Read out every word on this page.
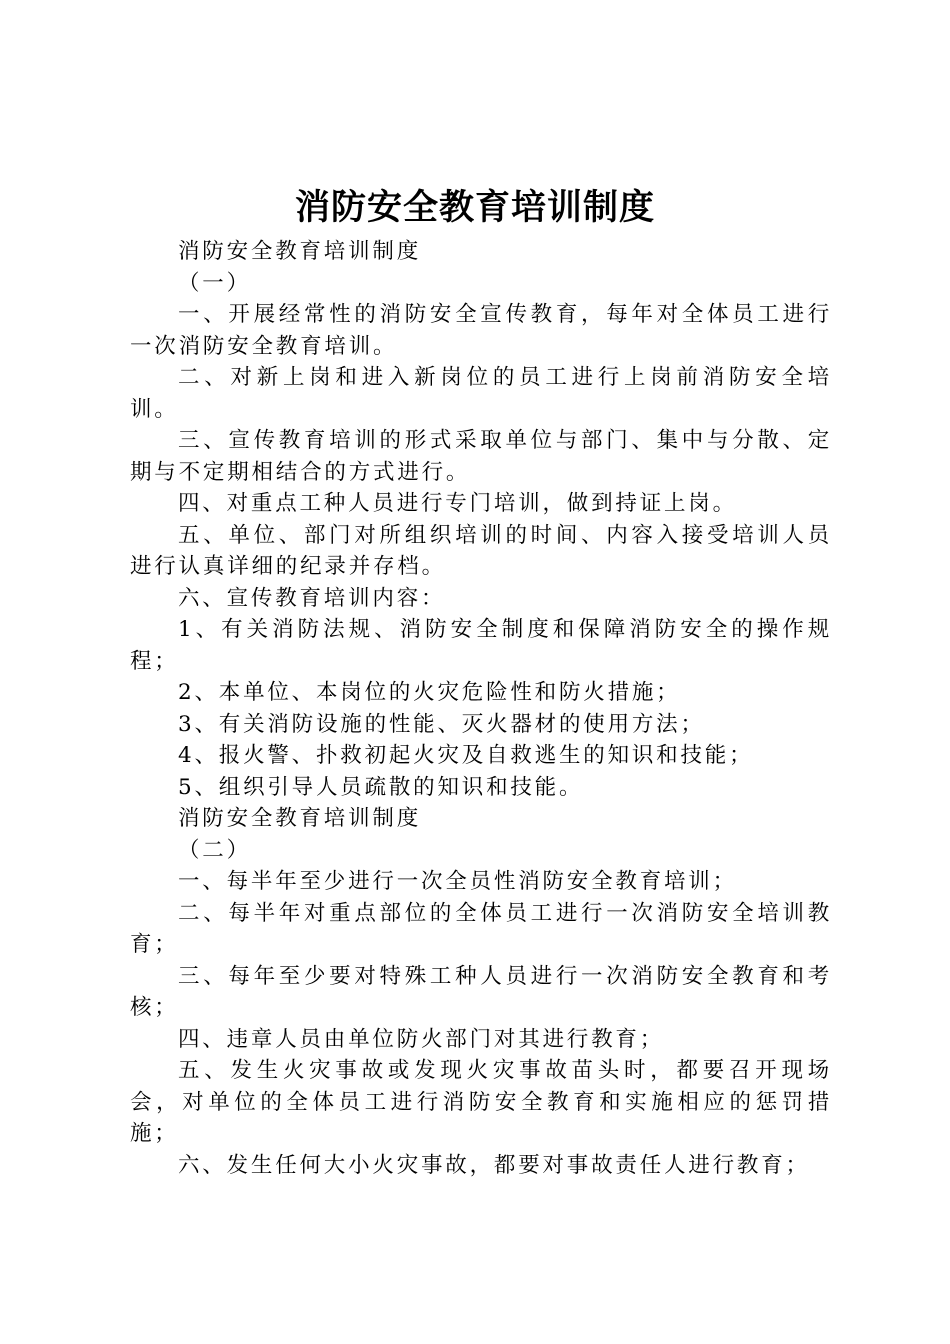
消防安全教育培训制度

消防安全教育培训制度

（一）

一、开展经常性的消防安全宣传教育，每年对全体员工进行一次消防安全教育培训。

二、对新上岗和进入新岗位的员工进行上岗前消防安全培训。

三、宣传教育培训的形式采取单位与部门、集中与分散、定期与不定期相结合的方式进行。

四、对重点工种人员进行专门培训，做到持证上岗。

五、单位、部门对所组织培训的时间、内容入接受培训人员进行认真详细的纪录并存档。

六、宣传教育培训内容：

1、有关消防法规、消防安全制度和保障消防安全的操作规程；

2、本单位、本岗位的火灾危险性和防火措施；

3、有关消防设施的性能、灭火器材的使用方法；

4、报火警、扑救初起火灾及自救逃生的知识和技能；

5、组织引导人员疏散的知识和技能。

消防安全教育培训制度

（二）

一、每半年至少进行一次全员性消防安全教育培训；

二、每半年对重点部位的全体员工进行一次消防安全培训教育；

三、每年至少要对特殊工种人员进行一次消防安全教育和考核；

四、违章人员由单位防火部门对其进行教育；

五、发生火灾事故或发现火灾事故苗头时，都要召开现场会，对单位的全体员工进行消防安全教育和实施相应的惩罚措施；

六、发生任何大小火灾事故，都要对事故责任人进行教育；
